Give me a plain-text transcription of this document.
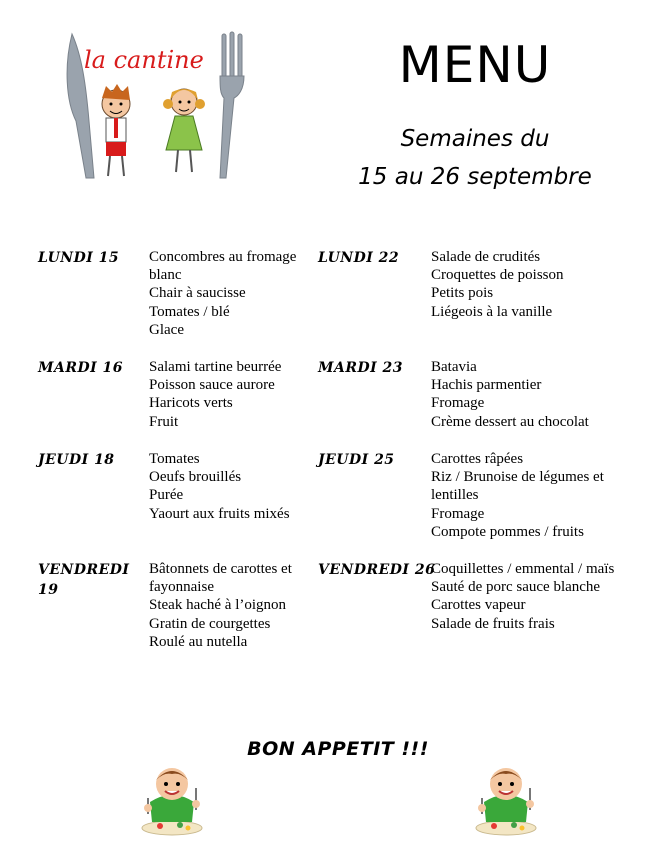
la cantine	MENU
Semaines du
15 au 26 septembre
LUNDI 15 Concombres au fromage
blanc
Chair à saucisse
Tomates / blé
Glace
LUNDI 22 Salade de crudités
Croquettes de poisson
Petits pois
Liégeois à la vanille
MARDI 16 Salami tartine beurrée
Poisson sauce aurore
Haricots verts
Fruit
MARDI 23 Batavia
Hachis parmentier
Fromage
Crème dessert au chocolat
JEUDI 18 Tomates
Oeufs brouillés
Purée
Yaourt aux fruits mixés
JEUDI 25 Carottes râpées
Riz / Brunoise de légumes et
lentilles
Fromage
Compote pommes / fruits
VENDREDI
19
Bâtonnets de carottes et
fayonnaise
Steak haché à l’oignon
Gratin de courgettes
Roulé au nutella
VENDREDI 26
Coquillettes / emmental / maïs
Sauté de porc sauce blanche
Carottes vapeur
Salade de fruits frais
BON APPETIT !!!
